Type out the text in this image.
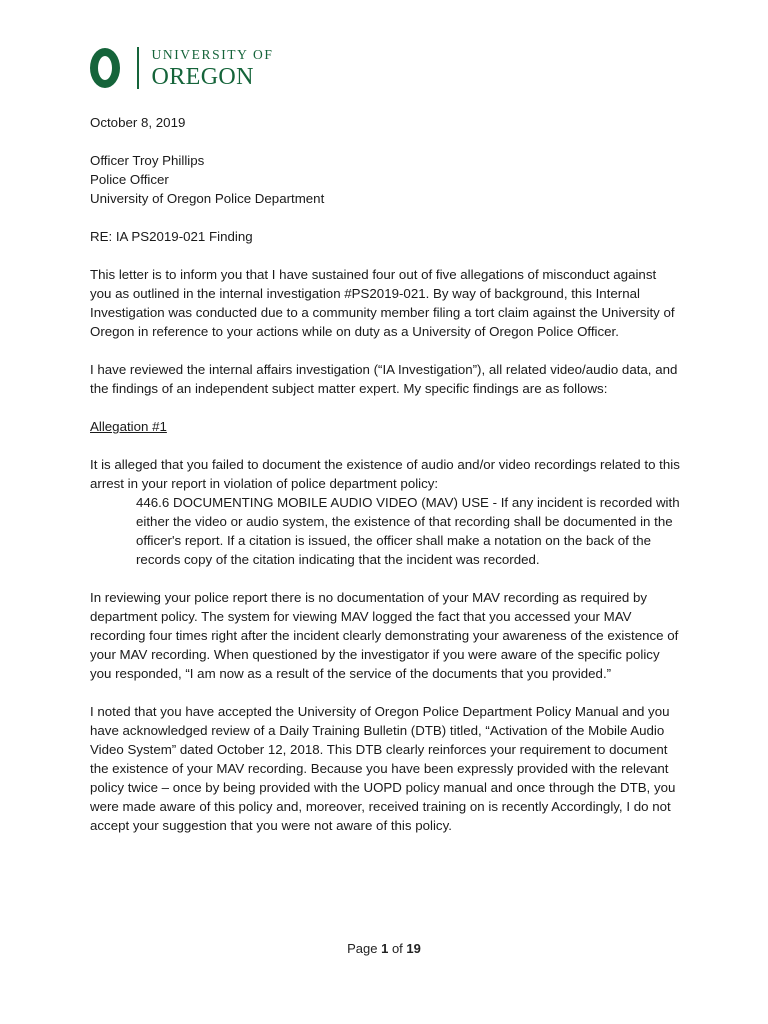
UNIVERSITY OF
OREGON

October 8, 2019

Officer Troy Phillips

Police Officer

University of Oregon Police Department

RE: IA PS2019-021 Finding

This letter is to inform you that I have sustained four out of five allegations of misconduct against you as outlined in the internal investigation #PS2019-021. By way of background, this Internal Investigation was conducted due to a community member filing a tort claim against the University of Oregon in reference to your actions while on duty as a University of Oregon Police Officer.

I have reviewed the internal affairs investigation (“IA Investigation”), all related video/audio data, and the findings of an independent subject matter expert. My specific findings are as follows:

Allegation #1

It is alleged that you failed to document the existence of audio and/or video recordings related to this arrest in your report in violation of police department policy:

446.6 DOCUMENTING MOBILE AUDIO VIDEO (MAV) USE - If any incident is recorded with either the video or audio system, the existence of that recording shall be documented in the officer's report. If a citation is issued, the officer shall make a notation on the back of the records copy of the citation indicating that the incident was recorded.

In reviewing your police report there is no documentation of your MAV recording as required by department policy. The system for viewing MAV logged the fact that you accessed your MAV recording four times right after the incident clearly demonstrating your awareness of the existence of your MAV recording. When questioned by the investigator if you were aware of the specific policy you responded, “I am now as a result of the service of the documents that you provided.”

I noted that you have accepted the University of Oregon Police Department Policy Manual and you have acknowledged review of a Daily Training Bulletin (DTB) titled, “Activation of the Mobile Audio Video System” dated October 12, 2018. This DTB clearly reinforces your requirement to document the existence of your MAV recording. Because you have been expressly provided with the relevant policy twice – once by being provided with the UOPD policy manual and once through the DTB, you were made aware of this policy and, moreover, received training on is recently Accordingly, I do not accept your suggestion that you were not aware of this policy.

Page 1 of 19
